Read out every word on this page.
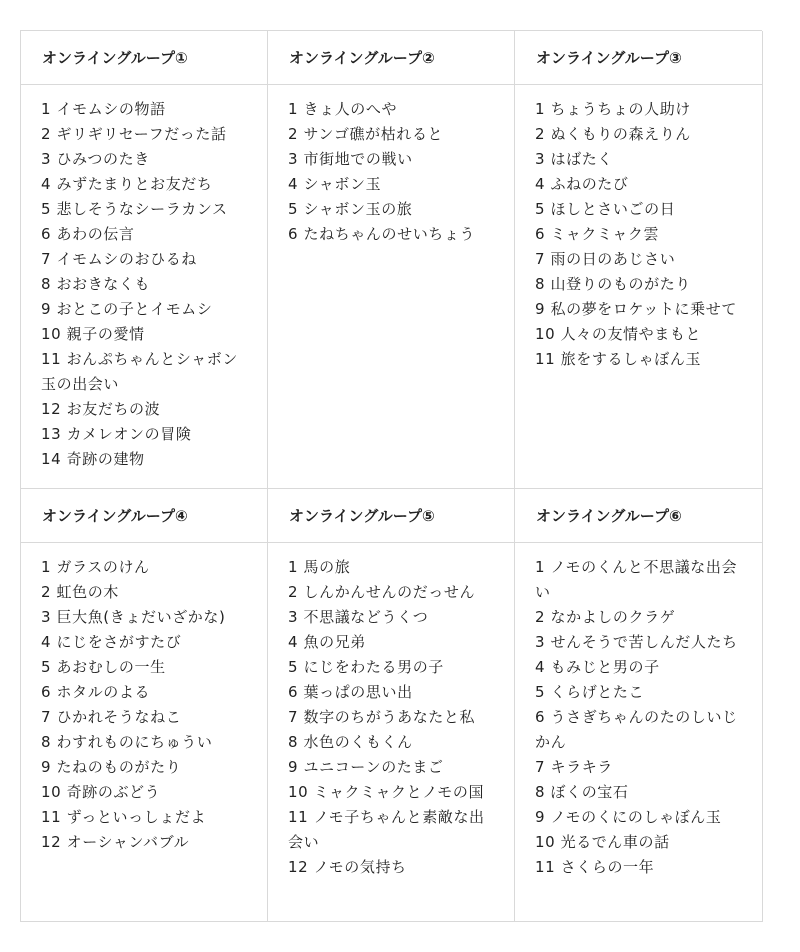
オンライングループ①	オンライングループ②	オンライングループ③
1 イモムシの物語
2 ギリギリセーフだった話
3 ひみつのたき
4 みずたまりとお友だち
5 悲しそうなシーラカンス
6 あわの伝言
7 イモムシのおひるね
8 おおきなくも
9 おとこの子とイモムシ
10 親子の愛情
11 おんぷちゃんとシャボン玉の出会い
12 お友だちの波
13 カメレオンの冒険
14 奇跡の建物
1 きょ人のへや
2 サンゴ礁が枯れると
3 市街地での戦い
4 シャボン玉
5 シャボン玉の旅
6 たねちゃんのせいちょう
1 ちょうちょの人助け
2 ぬくもりの森えりん
3 はばたく
4 ふねのたび
5 ほしとさいごの日
6 ミャクミャク雲
7 雨の日のあじさい
8 山登りのものがたり
9 私の夢をロケットに乗せて
10 人々の友情やまもと
11 旅をするしゃぼん玉
オンライングループ④	オンライングループ⑤	オンライングループ⑥
1 ガラスのけん
2 虹色の木
3 巨大魚(きょだいざかな)
4 にじをさがすたび
5 あおむしの一生
6 ホタルのよる
7 ひかれそうなねこ
8 わすれものにちゅうい
9 たねのものがたり
10 奇跡のぶどう
11 ずっといっしょだよ
12 オーシャンバブル
1 馬の旅
2 しんかんせんのだっせん
3 不思議などうくつ
4 魚の兄弟
5 にじをわたる男の子
6 葉っぱの思い出
7 数字のちがうあなたと私
8 水色のくもくん
9 ユニコーンのたまご
10 ミャクミャクとノモの国
11 ノモ子ちゃんと素敵な出会い
12 ノモの気持ち
1 ノモのくんと不思議な出会い
2 なかよしのクラゲ
3 せんそうで苦しんだ人たち
4 もみじと男の子
5 くらげとたこ
6 うさぎちゃんのたのしいじかん
7 キラキラ
8 ぼくの宝石
9 ノモのくにのしゃぼん玉
10 光るでん車の話
11 さくらの一年
